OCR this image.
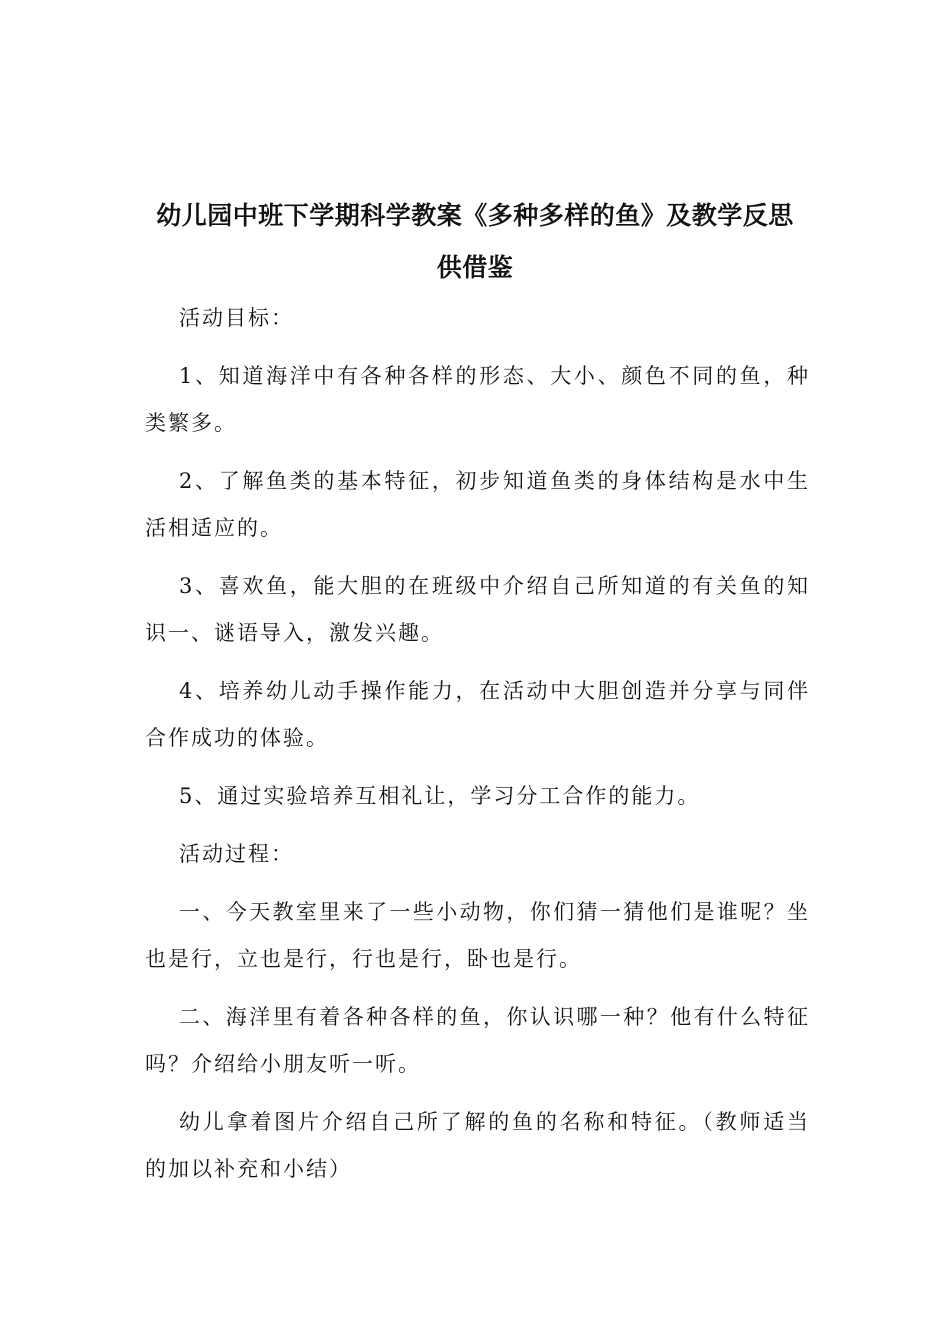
幼儿园中班下学期科学教案《多种多样的鱼》及教学反思供借鉴

活动目标：

1、知道海洋中有各种各样的形态、大小、颜色不同的鱼，种类繁多。

2、了解鱼类的基本特征，初步知道鱼类的身体结构是水中生活相适应的。

3、喜欢鱼，能大胆的在班级中介绍自己所知道的有关鱼的知识一、谜语导入，激发兴趣。

4、培养幼儿动手操作能力，在活动中大胆创造并分享与同伴合作成功的体验。

5、通过实验培养互相礼让，学习分工合作的能力。

活动过程：

一、今天教室里来了一些小动物，你们猜一猜他们是谁呢？坐也是行，立也是行，行也是行，卧也是行。

二、海洋里有着各种各样的鱼，你认识哪一种？他有什么特征吗？介绍给小朋友听一听。

幼儿拿着图片介绍自己所了解的鱼的名称和特征。（教师适当的加以补充和小结）
